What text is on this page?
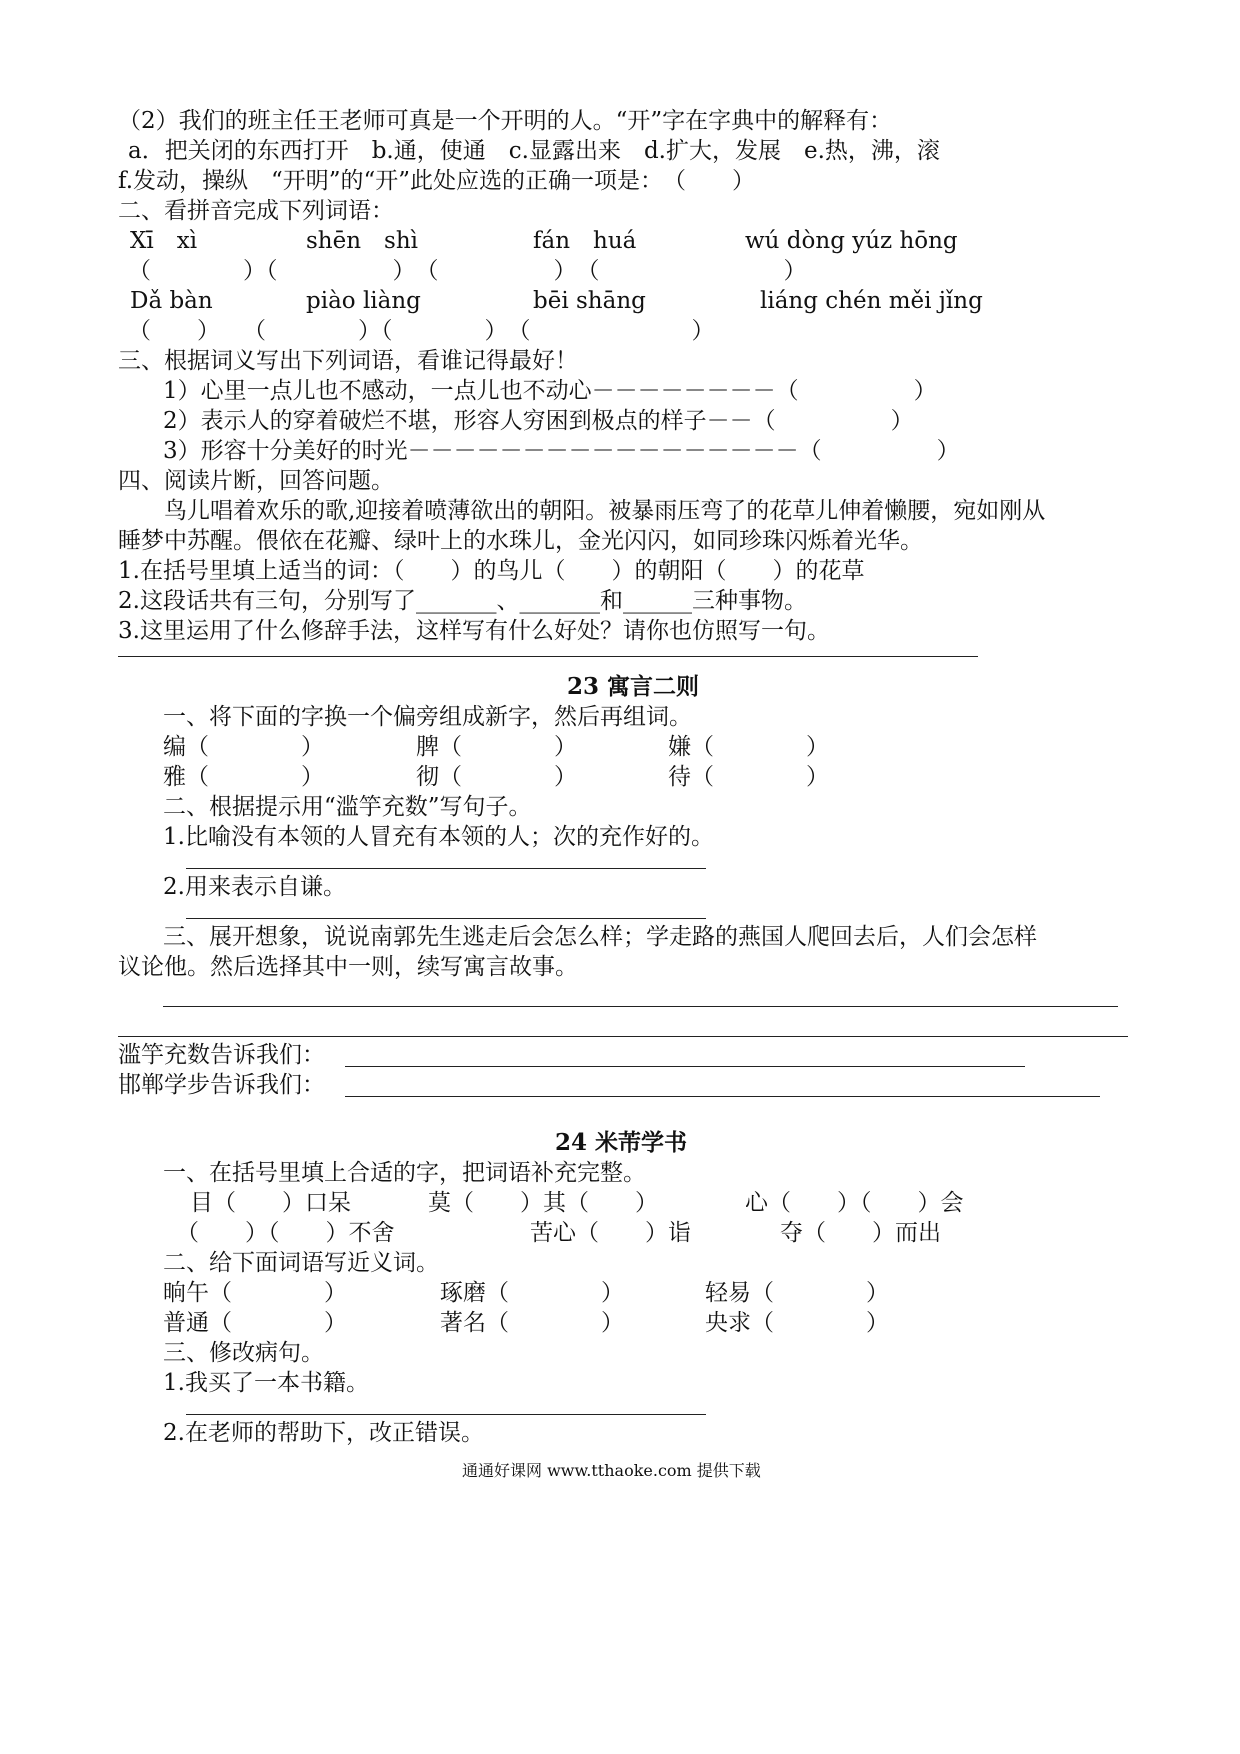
（2）我们的班主任王老师可真是一个开明的人。“开”字在字典中的解释有：
a．把关闭的东西打开　b.通，使通　c.显露出来　d.扩大，发展　e.热，沸，滚
f.发动，操纵　“开明”的“开”此处应选的正确一项是：　（　　）
二、看拼音完成下列词语：
Xī　xì	shēn　shì	fán　huá	wú dòng yúz hōng
（　　　　）（　　　　　）　（　　　　　）　（　　　　　　　　）
Dǎ bàn	piào liàng	bēi shāng	liáng chén měi jǐng
（　　）　　（　　　　）（　　　　）　（　　　　　　　）
三、根据词义写出下列词语，看谁记得最好！
1）心里一点儿也不感动，一点儿也不动心－－－－－－－－（　　　　　）
2）表示人的穿着破烂不堪，形容人穷困到极点的样子－－（　　　　　）
3）形容十分美好的时光－－－－－－－－－－－－－－－－－（　　　　　）
四、阅读片断，回答问题。
　　鸟儿唱着欢乐的歌,迎接着喷薄欲出的朝阳。被暴雨压弯了的花草儿伸着懒腰，宛如刚从
睡梦中苏醒。偎依在花瓣、绿叶上的水珠儿，金光闪闪，如同珍珠闪烁着光华。
1.在括号里填上适当的词：（　　）的鸟儿（　　）的朝阳（　　）的花草
2.这段话共有三句，分别写了_______、_______和______三种事物。
3.这里运用了什么修辞手法，这样写有什么好处？请你也仿照写一句。
23 寓言二则
一、将下面的字换一个偏旁组成新字，然后再组词。
编（　　　　）	脾（　　　　）	嫌（　　　　）
雅（　　　　）	彻（　　　　）	待（　　　　）
二、根据提示用“滥竽充数”写句子。
1.比喻没有本领的人冒充有本领的人；次的充作好的。
2.用来表示自谦。
三、展开想象，说说南郭先生逃走后会怎么样；学走路的燕国人爬回去后，人们会怎样
议论他。然后选择其中一则，续写寓言故事。
滥竽充数告诉我们：
邯郸学步告诉我们：
24 米芾学书
一、在括号里填上合适的字，把词语补充完整。
目（　　）口呆	莫（　　）其（　　）	心（　　）（　　）会
（　　）（　　）不舍	苦心（　　）诣	夺（　　）而出
二、给下面词语写近义词。
晌午（　　　　）	琢磨（　　　　）	轻易（　　　　）
普通（　　　　）	著名（　　　　）	央求（　　　　）
三、修改病句。
1.我买了一本书籍。
2.在老师的帮助下，改正错误。
通通好课网 www.tthaoke.com 提供下载
